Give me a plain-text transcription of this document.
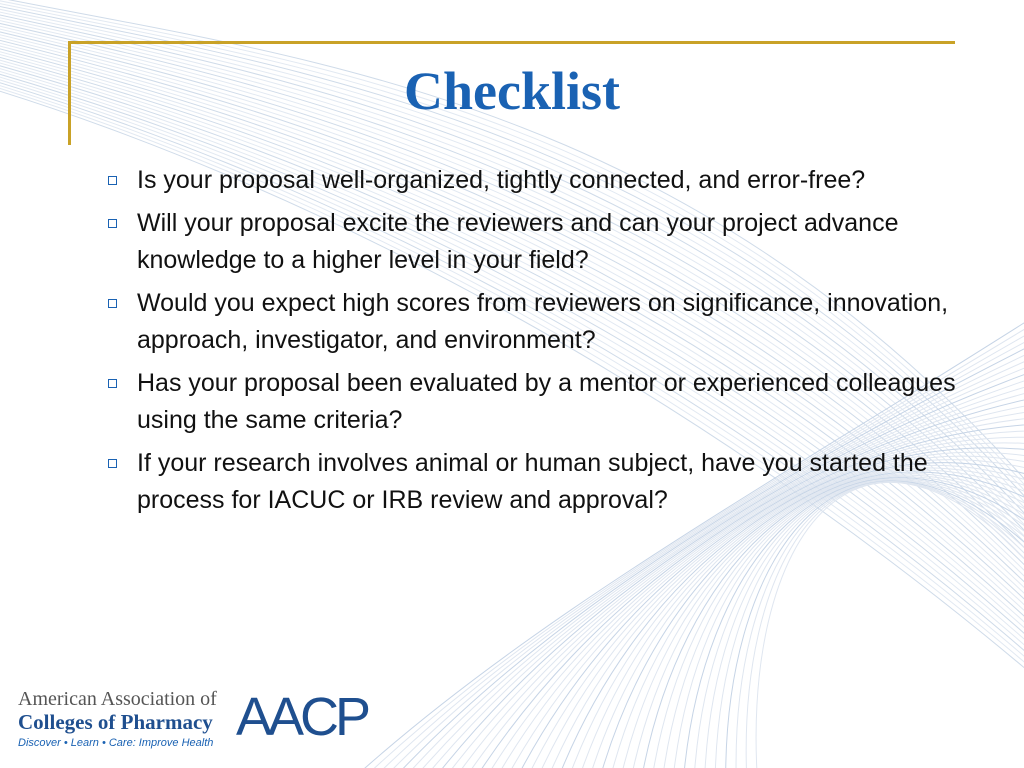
Checklist
Is your proposal well-organized, tightly connected, and error-free?
Will your proposal excite the reviewers and can your project advance knowledge to a higher level in your field?
Would you expect high scores from reviewers on significance, innovation, approach, investigator, and environment?
Has your proposal been evaluated by a mentor or experienced colleagues using the same criteria?
If your research involves animal or human subject, have you started the process for IACUC or IRB review and approval?
American Association of
Colleges of Pharmacy
Discover • Learn • Care: Improve Health AACP
